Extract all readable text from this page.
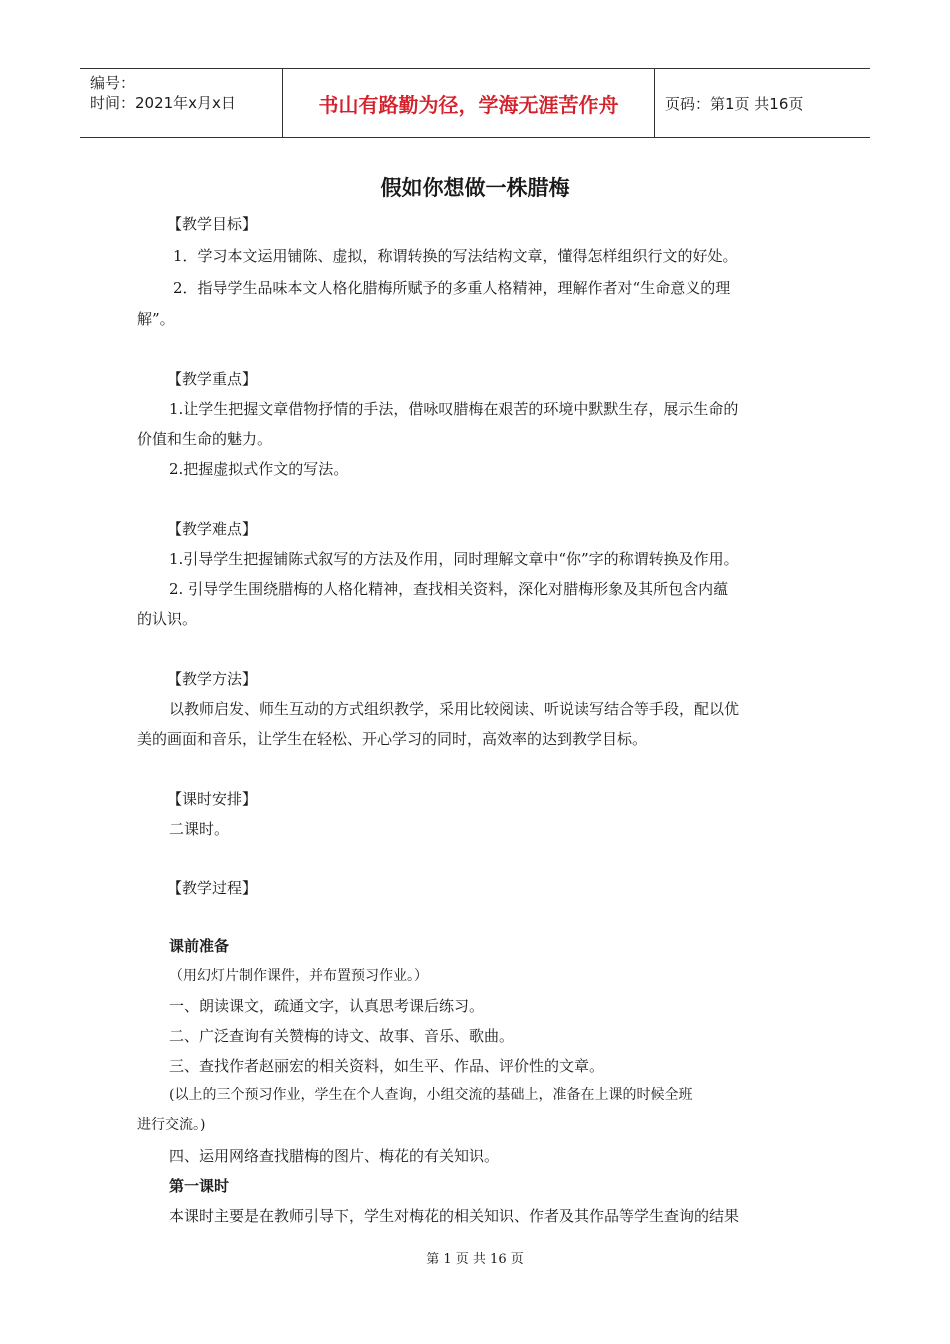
编号：
时间：2021年x月x日	书山有路勤为径，学海无涯苦作舟	页码：第1页 共16页
假如你想做一株腊梅
【教学目标】
1．学习本文运用铺陈、虚拟，称谓转换的写法结构文章，懂得怎样组织行文的好处。
2．指导学生品味本文人格化腊梅所赋予的多重人格精神，理解作者对“生命意义的理
解”。
【教学重点】
1.让学生把握文章借物抒情的手法，借咏叹腊梅在艰苦的环境中默默生存，展示生命的
价值和生命的魅力。
2.把握虚拟式作文的写法。
【教学难点】
1.引导学生把握铺陈式叙写的方法及作用，同时理解文章中“你”字的称谓转换及作用。
2. 引导学生围绕腊梅的人格化精神，查找相关资料，深化对腊梅形象及其所包含内蕴
的认识。
【教学方法】
以教师启发、师生互动的方式组织教学，采用比较阅读、听说读写结合等手段，配以优
美的画面和音乐，让学生在轻松、开心学习的同时，高效率的达到教学目标。
【课时安排】
二课时。
【教学过程】
课前准备
（用幻灯片制作课件，并布置预习作业。）
一、朗读课文，疏通文字，认真思考课后练习。
二、广泛查询有关赞梅的诗文、故事、音乐、歌曲。
三、查找作者赵丽宏的相关资料，如生平、作品、评价性的文章。
(以上的三个预习作业，学生在个人查询，小组交流的基础上，准备在上课的时候全班
进行交流。)
四、运用网络查找腊梅的图片、梅花的有关知识。
第一课时
本课时主要是在教师引导下，学生对梅花的相关知识、作者及其作品等学生查询的结果
第 1 页 共 16 页
